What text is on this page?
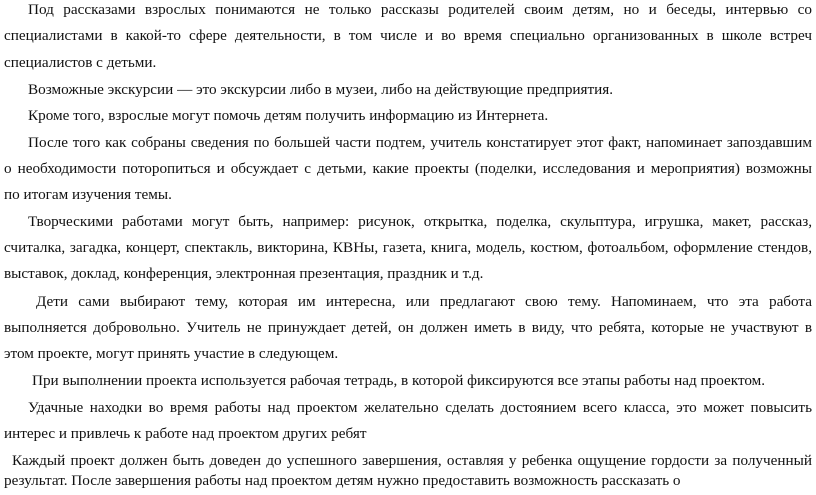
Под рассказами взрослых понимаются не только рассказы родителей своим детям, но и беседы, интервью со
специалистами в какой-то сфере деятельности, в том числе и во время специально организованных в школе встреч
специалистов с детьми.
Возможные экскурсии — это экскурсии либо в музеи, либо на действующие предприятия.
Кроме того, взрослые могут помочь детям получить информацию из Интернета.
После того как собраны сведения по большей части подтем, учитель констатирует этот факт, напоминает запоздавшим
о необходимости поторопиться и обсуждает с детьми, какие проекты (поделки, исследования и мероприятия) возможны
по итогам изучения темы.
Творческими работами могут быть, например: рисунок, открытка, поделка, скульптура, игрушка, макет, рассказ,
считалка, загадка, концерт, спектакль, викторина, КВНы, газета, книга, модель, костюм, фотоальбом, оформление стендов,
выставок, доклад, конференция, электронная презентация, праздник и т.д.
Дети сами выбирают тему, которая им интересна, или предлагают свою тему. Напоминаем, что эта работа
выполняется добровольно. Учитель не принуждает детей, он должен иметь в виду, что ребята, которые не участвуют в
этом проекте, могут принять участие в следующем.
При выполнении проекта используется рабочая тетрадь, в которой фиксируются все этапы работы над проектом.
Удачные находки во время работы над проектом желательно сделать достоянием всего класса, это может повысить
интерес и привлечь к работе над проектом других ребят
Каждый проект должен быть доведен до успешного завершения, оставляя у ребенка ощущение гордости за полученный
результат. После завершения работы над проектом детям нужно предоставить возможность рассказать о
